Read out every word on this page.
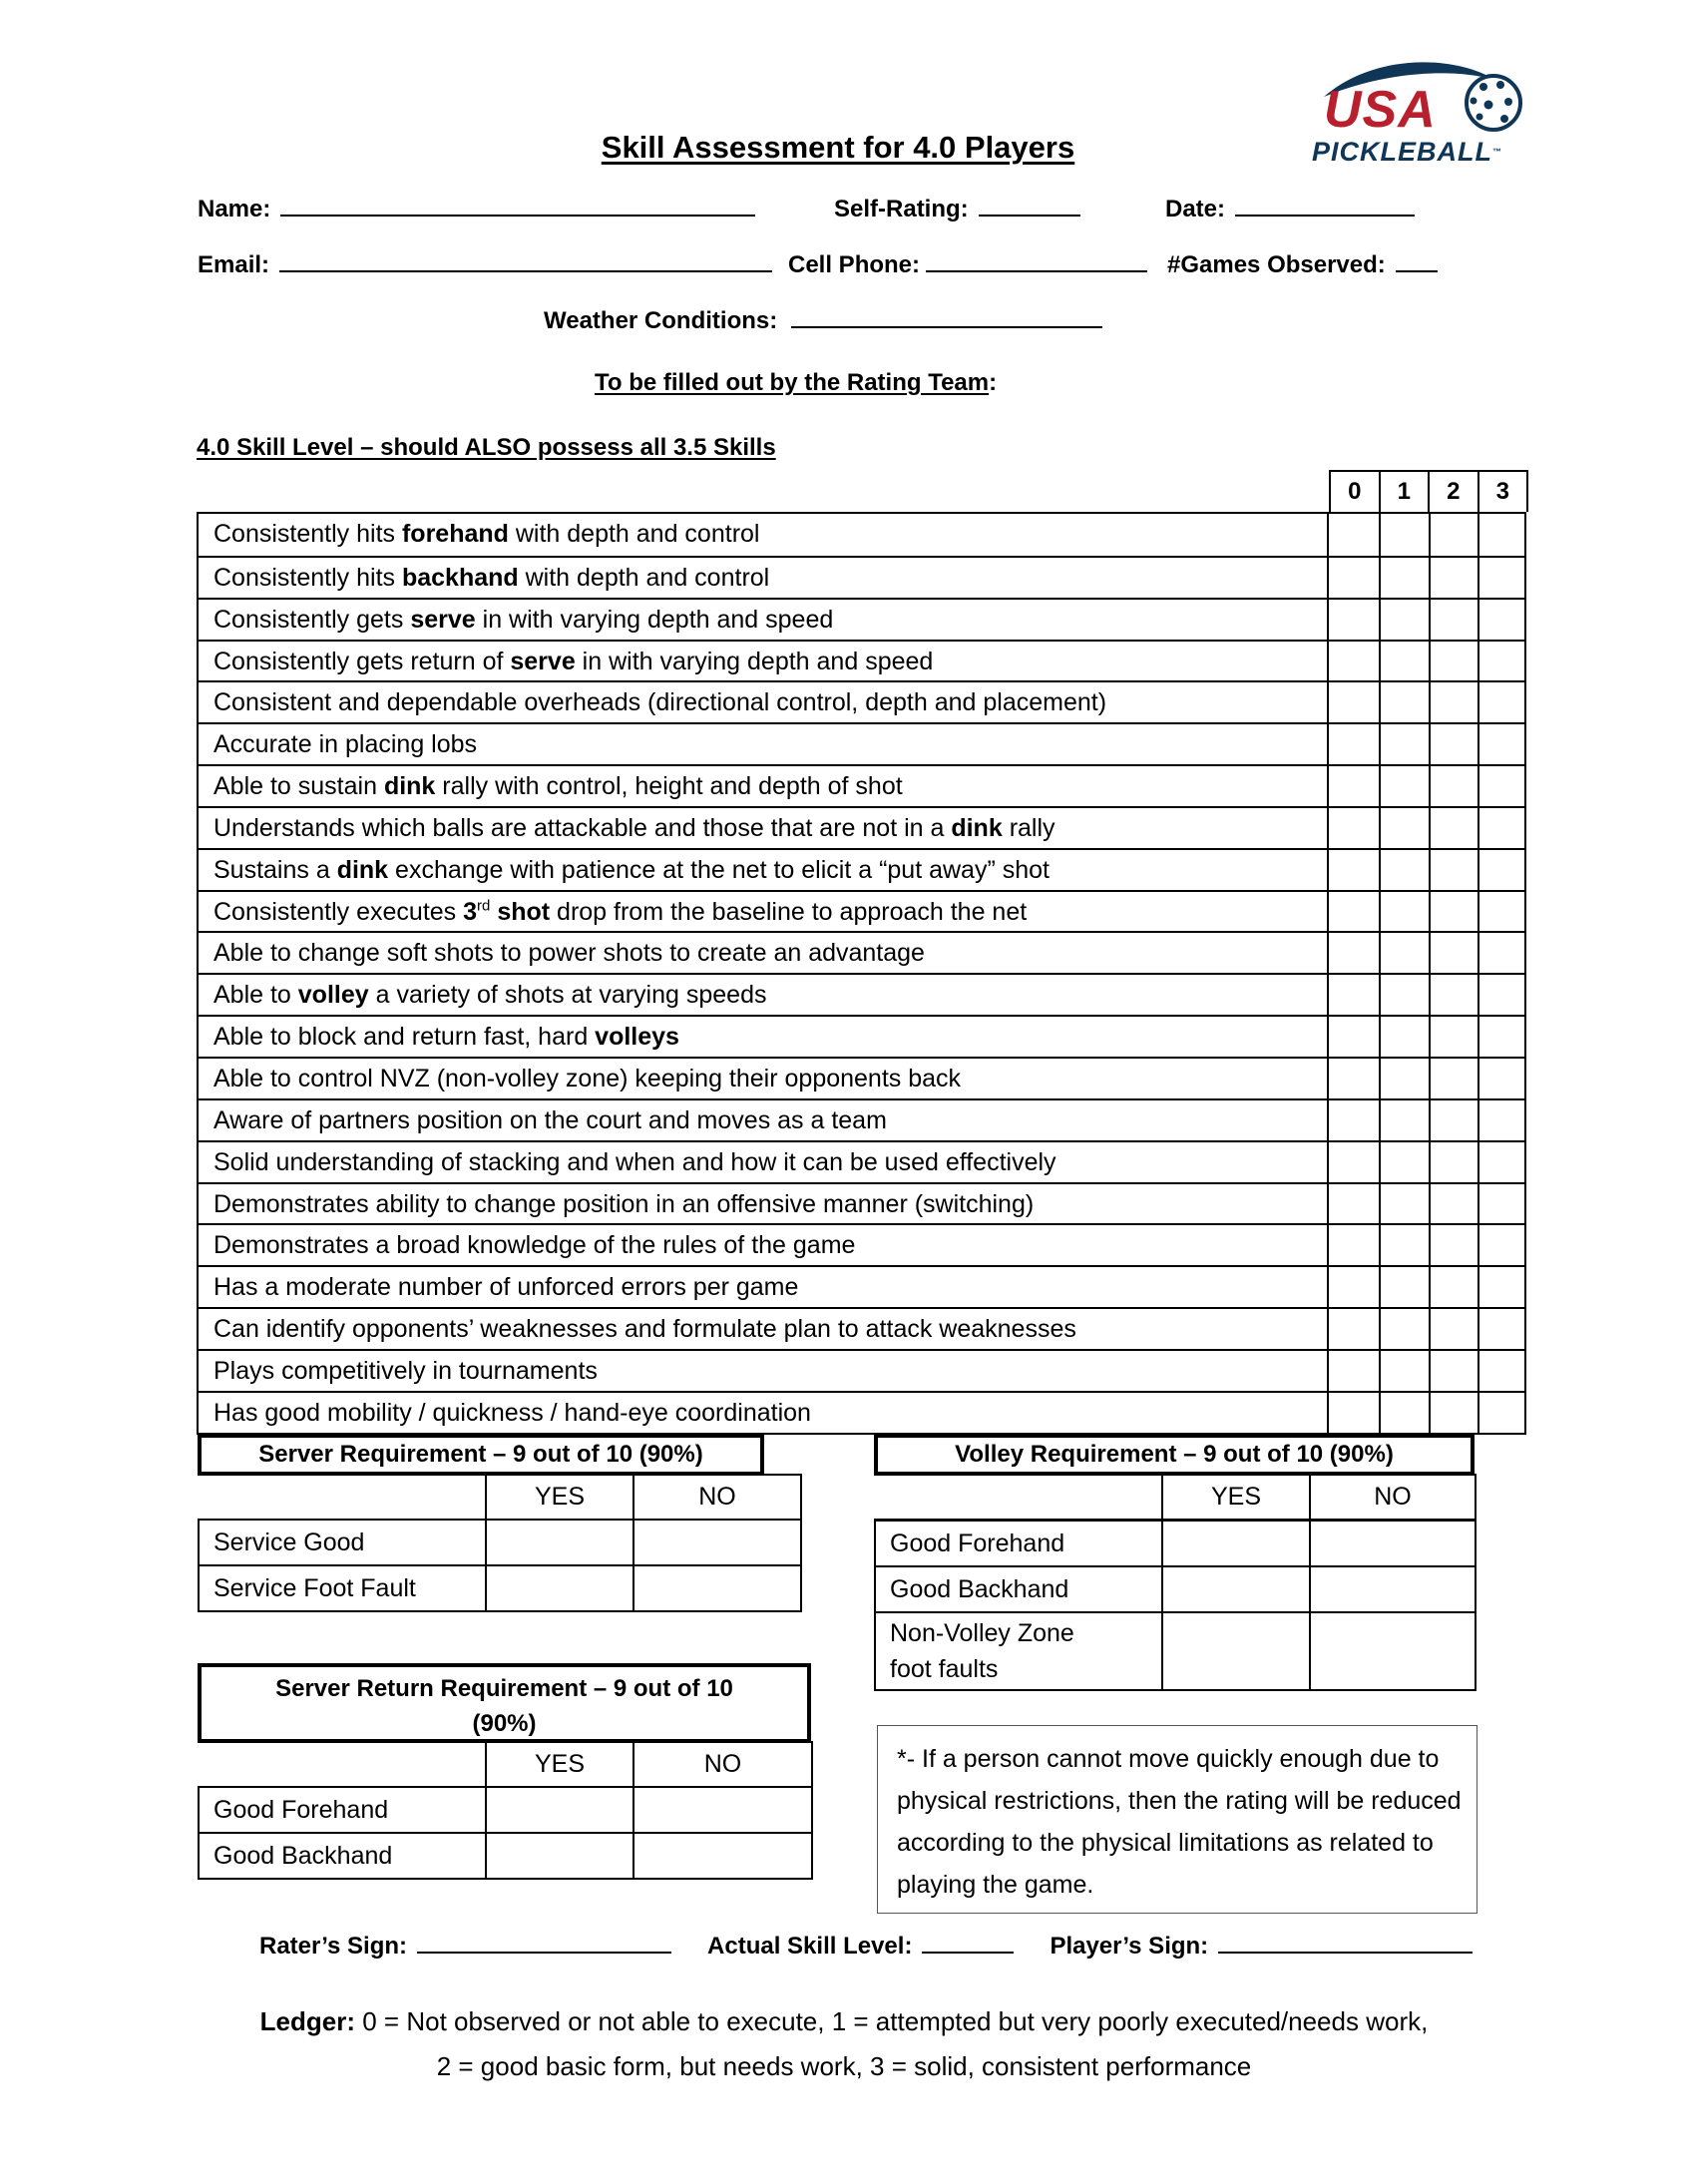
USA
PICKLEBALL™
Skill Assessment for 4.0 Players
Name:	Self-Rating:	Date:
Email:	Cell Phone:	#Games Observed:
Weather Conditions:
To be filled out by the Rating Team:
4.0 Skill Level – should ALSO possess all 3.5 Skills
0	1	2	3
Consistently hits forehand with depth and control
Consistently hits backhand with depth and control
Consistently gets serve in with varying depth and speed
Consistently gets return of serve in with varying depth and speed
Consistent and dependable overheads (directional control, depth and placement)
Accurate in placing lobs
Able to sustain dink rally with control, height and depth of shot
Understands which balls are attackable and those that are not in a dink rally
Sustains a dink exchange with patience at the net to elicit a “put away” shot
Consistently executes 3rd shot drop from the baseline to approach the net
Able to change soft shots to power shots to create an advantage
Able to volley a variety of shots at varying speeds
Able to block and return fast, hard volleys
Able to control NVZ (non-volley zone) keeping their opponents back
Aware of partners position on the court and moves as a team
Solid understanding of stacking and when and how it can be used effectively
Demonstrates ability to change position in an offensive manner (switching)
Demonstrates a broad knowledge of the rules of the game
Has a moderate number of unforced errors per game
Can identify opponents’ weaknesses and formulate plan to attack weaknesses
Plays competitively in tournaments
Has good mobility / quickness / hand-eye coordination
Server Requirement – 9 out of 10 (90%)
	YES	NO
Service Good		
Service Foot Fault		
Server Return Requirement – 9 out of 10 (90%)
	YES	NO
Good Forehand		
Good Backhand		
Volley Requirement – 9 out of 10 (90%)
	YES	NO
Good Forehand		
Good Backhand		
Non-Volley Zone foot faults		
*- If a person cannot move quickly enough due to physical restrictions, then the rating will be reduced according to the physical limitations as related to playing the game.
Rater’s Sign:	Actual Skill Level:	Player’s Sign:
Ledger: 0 = Not observed or not able to execute, 1 = attempted but very poorly executed/needs work,
2 = good basic form, but needs work, 3 = solid, consistent performance
